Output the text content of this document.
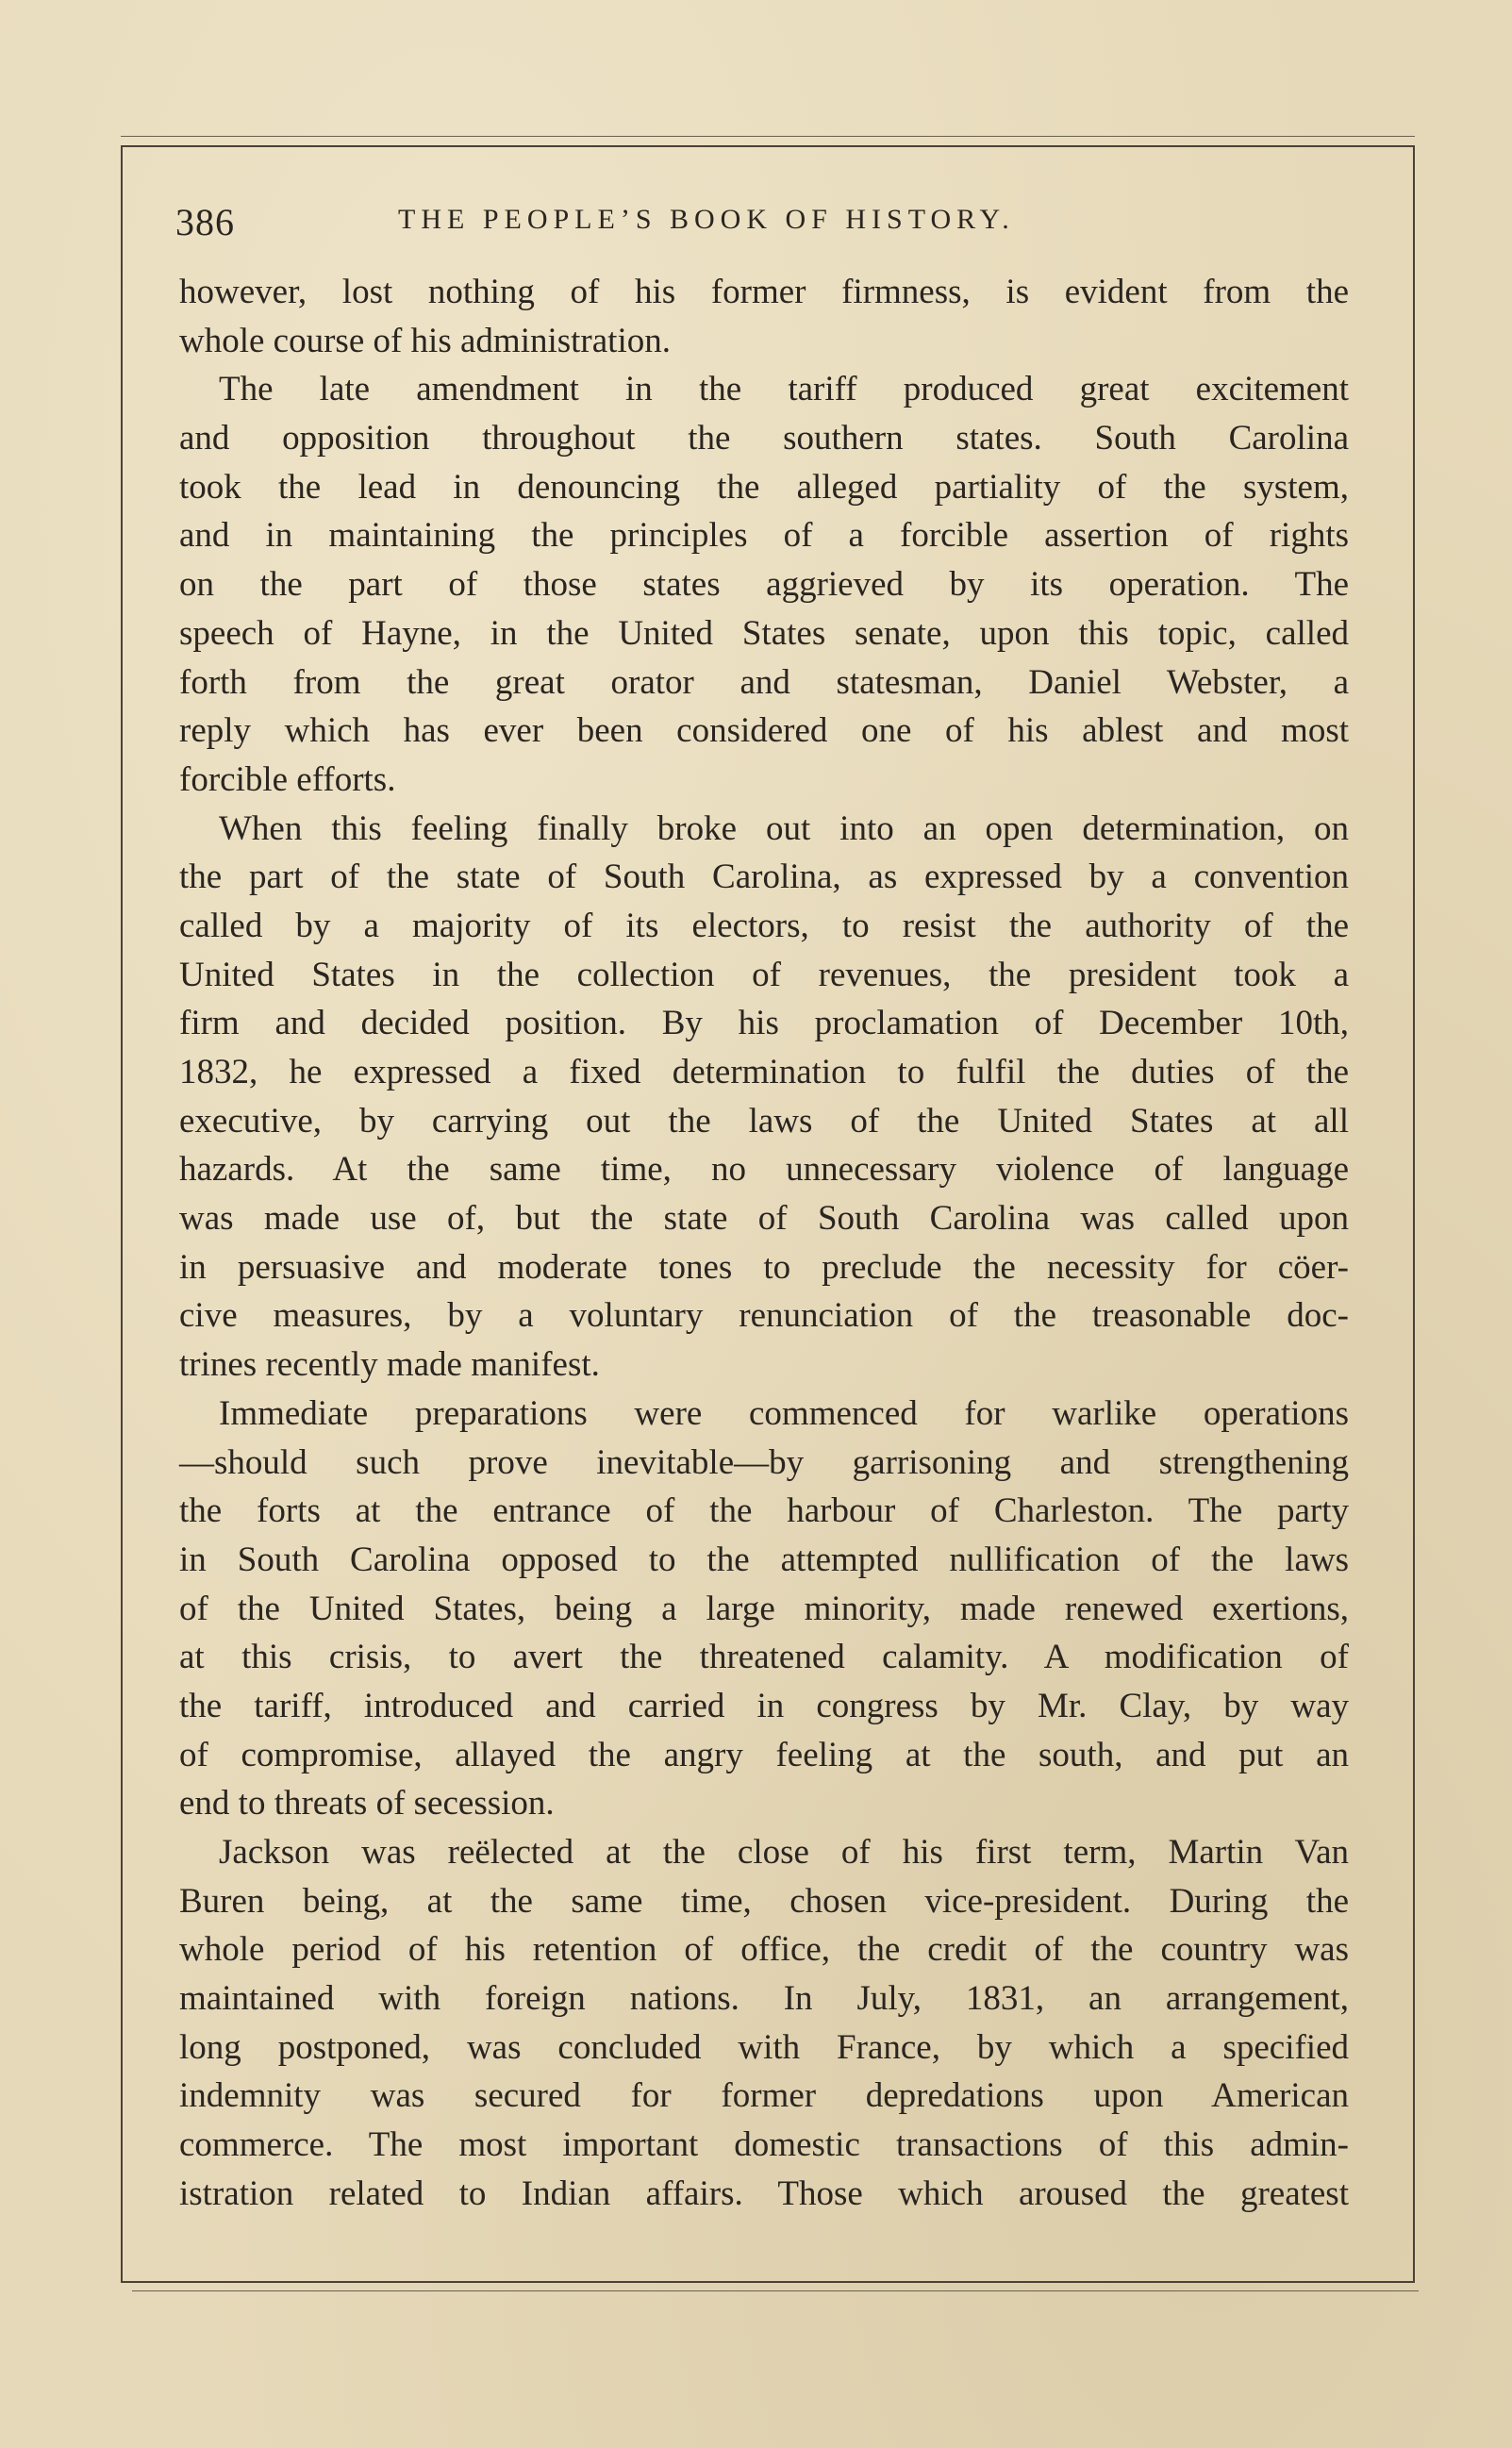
386	THE PEOPLE’S BOOK OF HISTORY.
however, lost nothing of his former firmness, is evident from the
whole course of his administration.
The late amendment in the tariff produced great excitement
and opposition throughout the southern states. South Carolina
took the lead in denouncing the alleged partiality of the system,
and in maintaining the principles of a forcible assertion of rights
on the part of those states aggrieved by its operation. The
speech of Hayne, in the United States senate, upon this topic, called
forth from the great orator and statesman, Daniel Webster, a
reply which has ever been considered one of his ablest and most
forcible efforts.
When this feeling finally broke out into an open determination, on
the part of the state of South Carolina, as expressed by a convention
called by a majority of its electors, to resist the authority of the
United States in the collection of revenues, the president took a
firm and decided position. By his proclamation of December 10th,
1832, he expressed a fixed determination to fulfil the duties of the
executive, by carrying out the laws of the United States at all
hazards. At the same time, no unnecessary violence of language
was made use of, but the state of South Carolina was called upon
in persuasive and moderate tones to preclude the necessity for cöer-
cive measures, by a voluntary renunciation of the treasonable doc-
trines recently made manifest.
Immediate preparations were commenced for warlike operations
—should such prove inevitable—by garrisoning and strengthening
the forts at the entrance of the harbour of Charleston. The party
in South Carolina opposed to the attempted nullification of the laws
of the United States, being a large minority, made renewed exertions,
at this crisis, to avert the threatened calamity. A modification of
the tariff, introduced and carried in congress by Mr. Clay, by way
of compromise, allayed the angry feeling at the south, and put an
end to threats of secession.
Jackson was reëlected at the close of his first term, Martin Van
Buren being, at the same time, chosen vice-president. During the
whole period of his retention of office, the credit of the country was
maintained with foreign nations. In July, 1831, an arrangement,
long postponed, was concluded with France, by which a specified
indemnity was secured for former depredations upon American
commerce. The most important domestic transactions of this admin-
istration related to Indian affairs. Those which aroused the greatest
